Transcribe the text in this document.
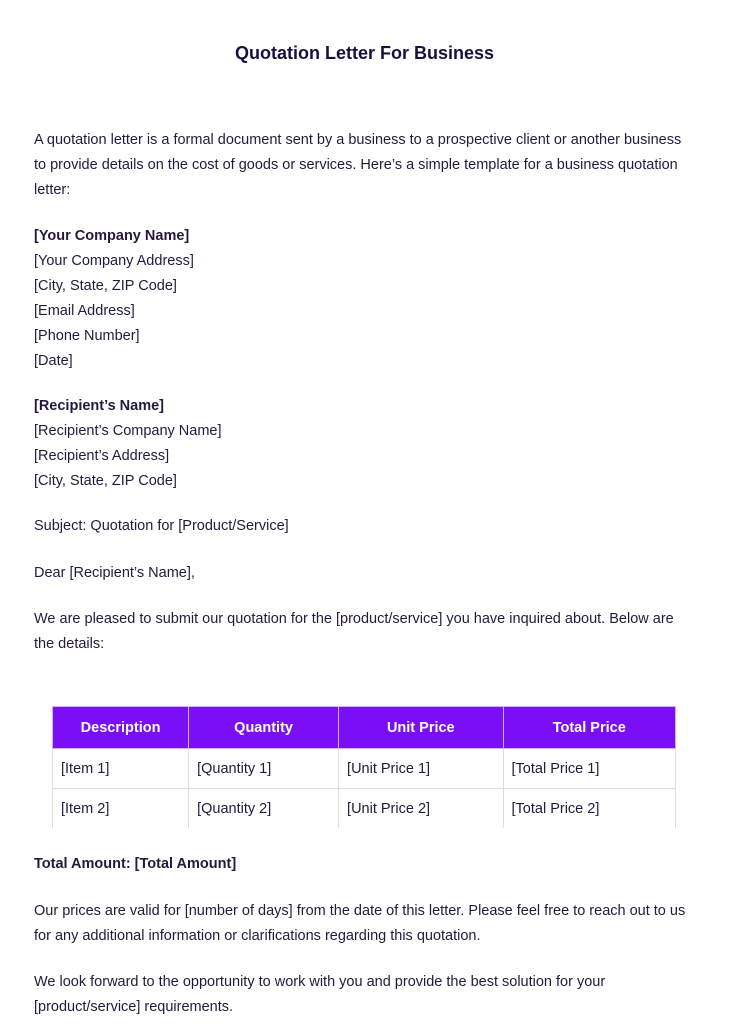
Quotation Letter For Business

A quotation letter is a formal document sent by a business to a prospective client or another business to provide details on the cost of goods or services. Here’s a simple template for a business quotation letter:

[Your Company Name]
[Your Company Address]
[City, State, ZIP Code]
[Email Address]
[Phone Number]
[Date]
[Recipient’s Name]
[Recipient’s Company Name]
[Recipient’s Address]
[City, State, ZIP Code]

Subject: Quotation for [Product/Service]

Dear [Recipient’s Name],

We are pleased to submit our quotation for the [product/service] you have inquired about. Below are the details:

Description	Quantity	Unit Price	Total Price
[Item 1]	[Quantity 1]	[Unit Price 1]	[Total Price 1]
[Item 2]	[Quantity 2]	[Unit Price 2]	[Total Price 2]

Total Amount: [Total Amount]

Our prices are valid for [number of days] from the date of this letter. Please feel free to reach out to us for any additional information or clarifications regarding this quotation.

We look forward to the opportunity to work with you and provide the best solution for your [product/service] requirements.
